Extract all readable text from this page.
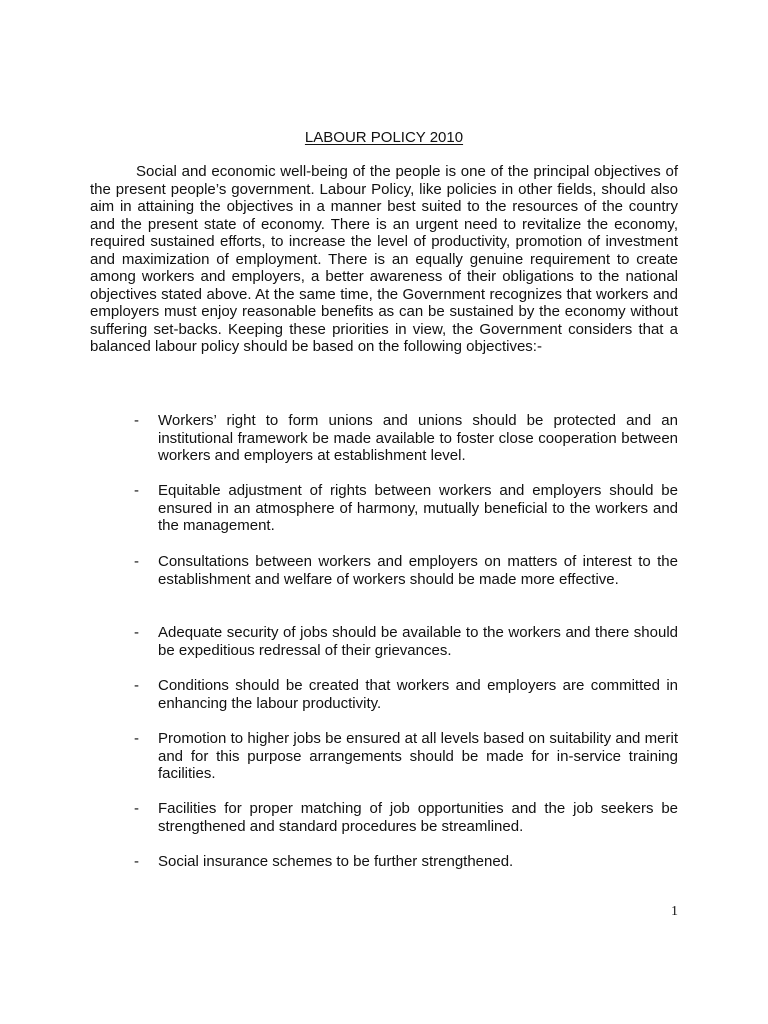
LABOUR POLICY 2010

Social and economic well-being of the people is one of the principal objectives of the present people’s government. Labour Policy, like policies in other fields, should also aim in attaining the objectives in a manner best suited to the resources of the country and the present state of economy. There is an urgent need to revitalize the economy, required sustained efforts, to increase the level of productivity, promotion of investment and maximization of employment. There is an equally genuine requirement to create among workers and employers, a better awareness of their obligations to the national objectives stated above. At the same time, the Government recognizes that workers and employers must enjoy reasonable benefits as can be sustained by the economy without suffering set-backs. Keeping these priorities in view, the Government considers that a balanced labour policy should be based on the following objectives:-

- Workers’ right to form unions and unions should be protected and an institutional framework be made available to foster close cooperation between workers and employers at establishment level.

- Equitable adjustment of rights between workers and employers should be ensured in an atmosphere of harmony, mutually beneficial to the workers and the management.

- Consultations between workers and employers on matters of interest to the establishment and welfare of workers should be made more effective.

- Adequate security of jobs should be available to the workers and there should be expeditious redressal of their grievances.

- Conditions should be created that workers and employers are committed in enhancing the labour productivity.

- Promotion to higher jobs be ensured at all levels based on suitability and merit and for this purpose arrangements should be made for in-service training facilities.

- Facilities for proper matching of job opportunities and the job seekers be strengthened and standard procedures be streamlined.

- Social insurance schemes to be further strengthened.

1
